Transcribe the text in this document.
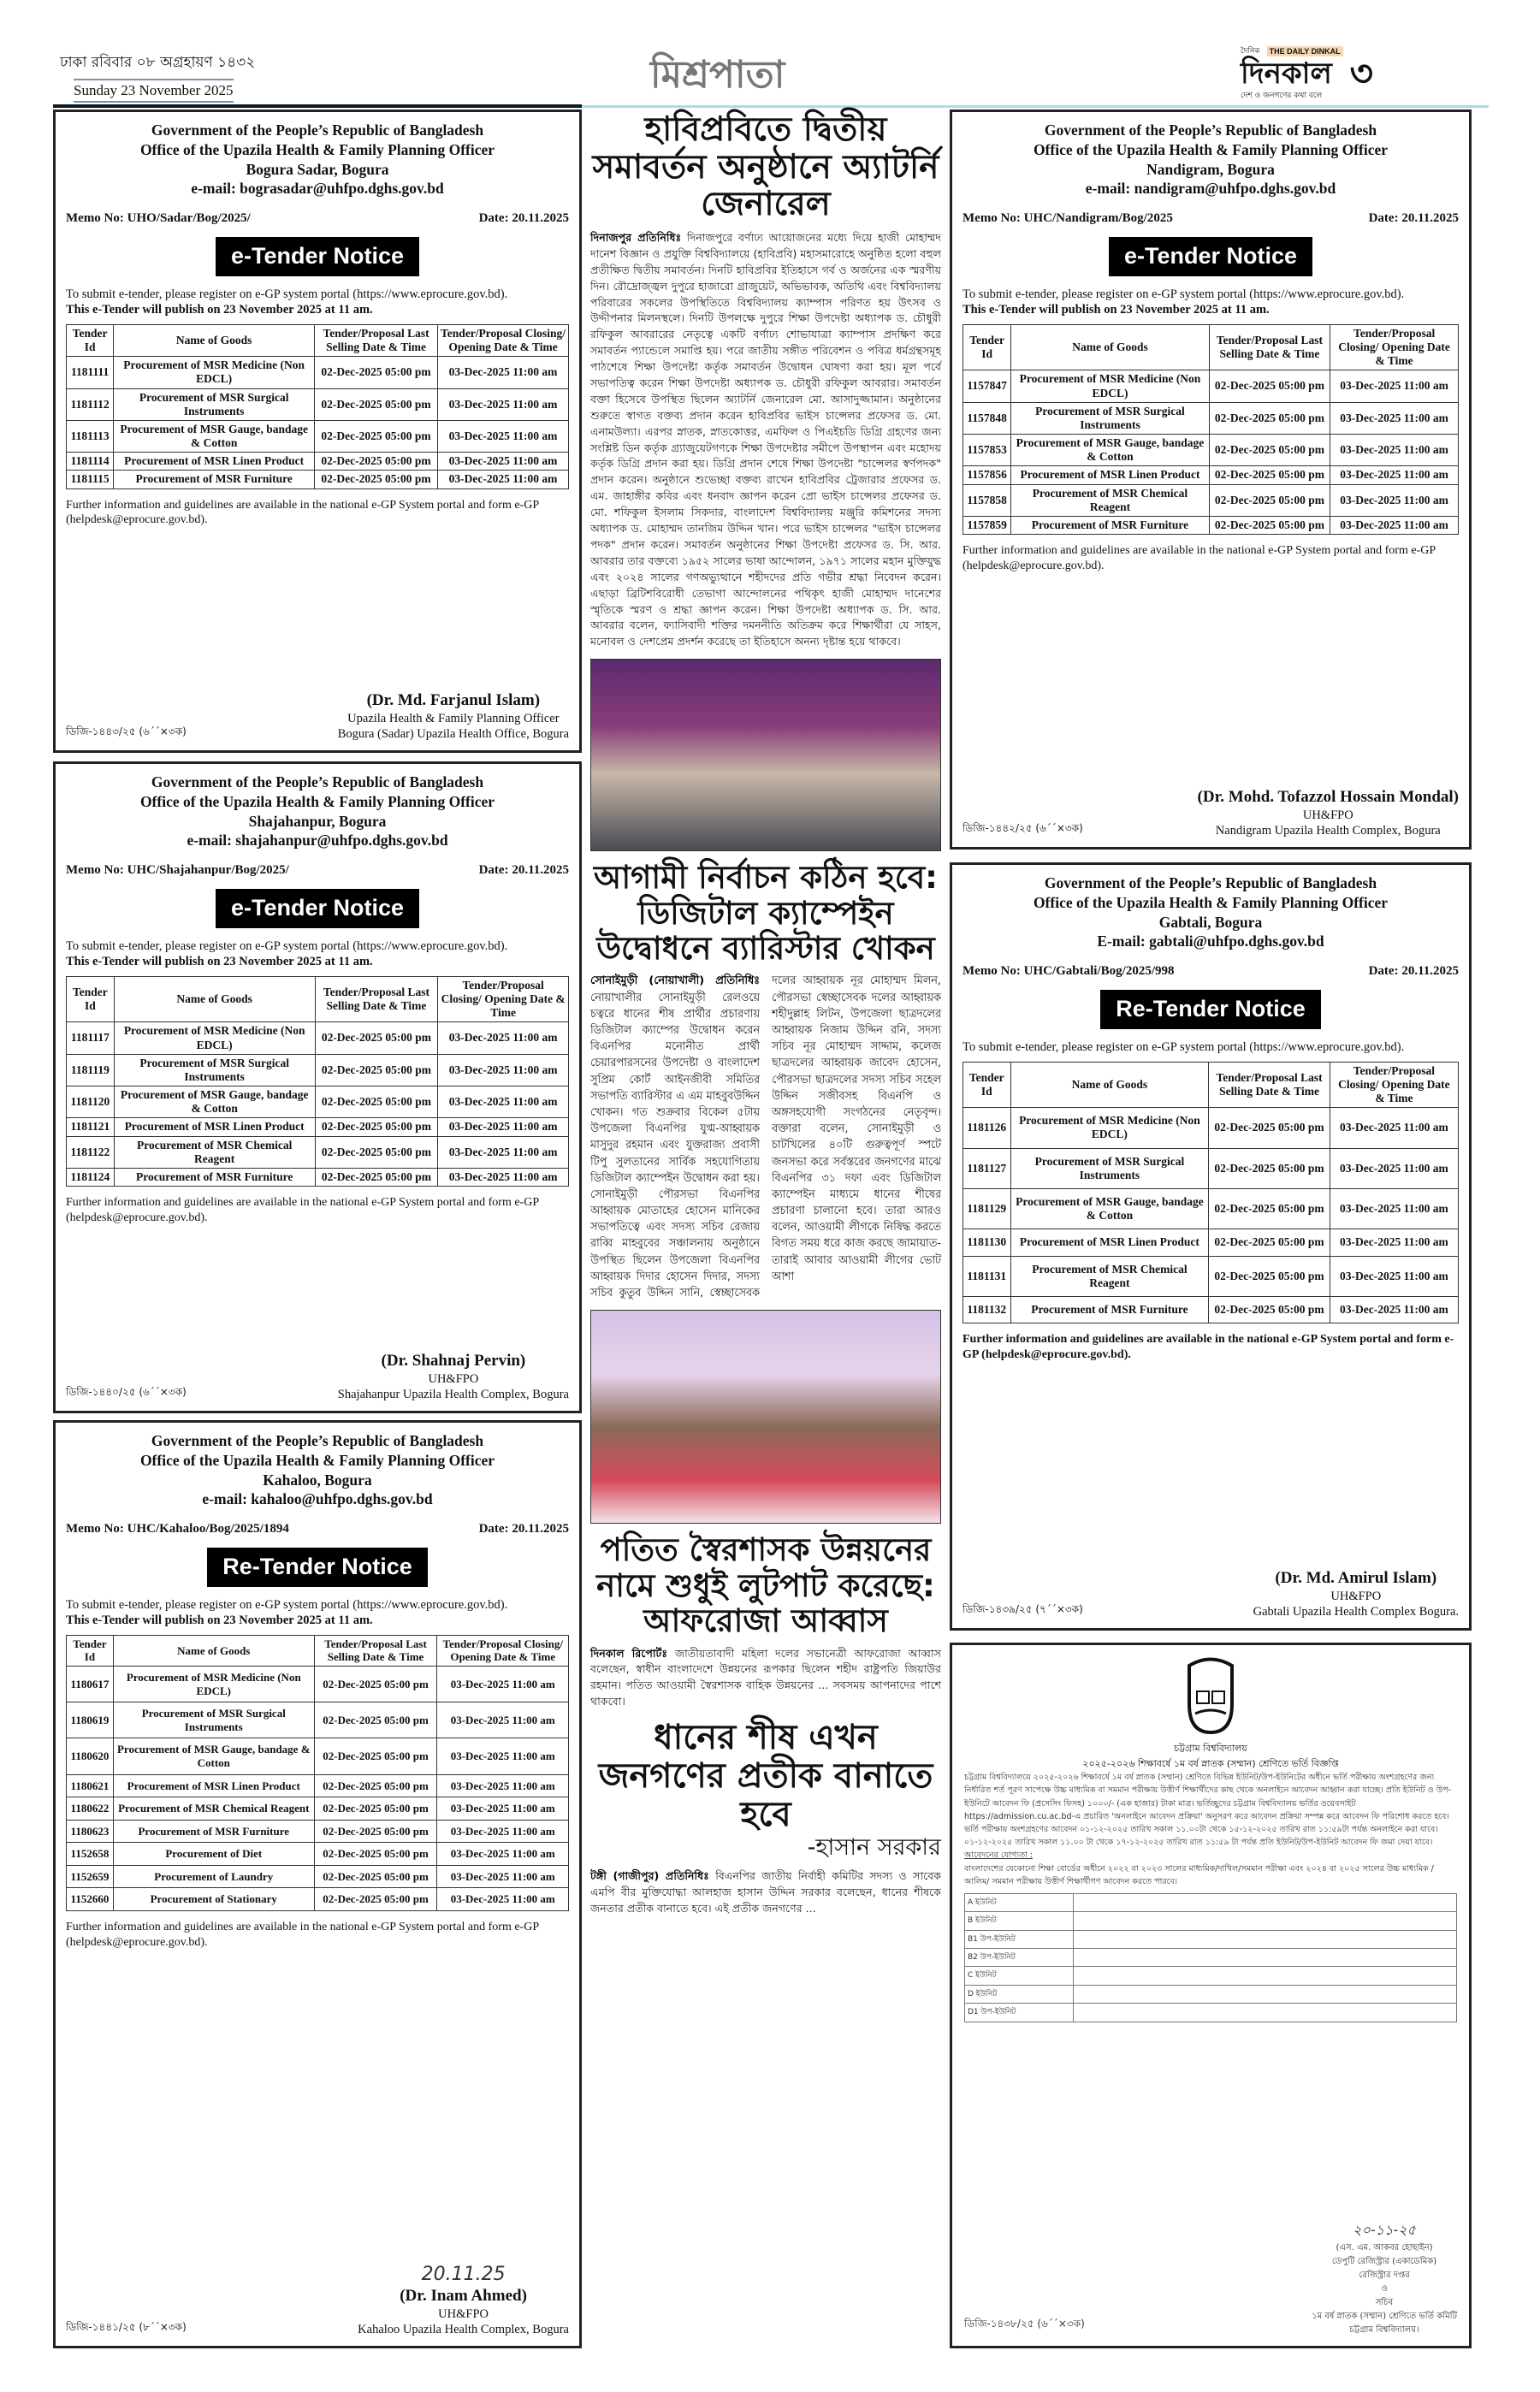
ঢাকা রবিবার ০৮ অগ্রহায়ণ ১৪৩২
Sunday 23 November 2025	মিশ্রপাতা
দৈনিক	THE DAILY DINKAL
দিনকাল
দেশ ও জনগণের কথা বলে
৩
Government of the People’s Republic of Bangladesh
Office of the Upazila Health & Family Planning Officer
Bogura Sadar, Bogura
e-mail: bograsadar@uhfpo.dghs.gov.bd
Memo No: UHO/Sadar/Bog/2025/	Date: 20.11.2025
e-Tender Notice
To submit e-tender, please register on e-GP system portal (https://www.eprocure.gov.bd).
This e-Tender will publish on 23 November 2025 at 11 am.
Tender Id	Name of Goods	Tender/Proposal Last Selling Date & Time	Tender/Proposal Closing/ Opening Date & Time
1181111	Procurement of MSR Medicine (Non EDCL)	02-Dec-2025 05:00 pm	03-Dec-2025 11:00 am
1181112	Procurement of MSR Surgical Instruments	02-Dec-2025 05:00 pm	03-Dec-2025 11:00 am
1181113	Procurement of MSR Gauge, bandage & Cotton	02-Dec-2025 05:00 pm	03-Dec-2025 11:00 am
1181114	Procurement of MSR Linen Product	02-Dec-2025 05:00 pm	03-Dec-2025 11:00 am
1181115	Procurement of MSR Furniture	02-Dec-2025 05:00 pm	03-Dec-2025 11:00 am
Further information and guidelines are available in the national e-GP System portal and form e-GP (helpdesk@eprocure.gov.bd).
ডিজি-১৪৪৩/২৫ (৬´´×৩ক)
(Dr. Md. Farjanul Islam)
Upazila Health & Family Planning Officer
Bogura (Sadar) Upazila Health Office, Bogura
Government of the People’s Republic of Bangladesh
Office of the Upazila Health & Family Planning Officer
Shajahanpur, Bogura
e-mail: shajahanpur@uhfpo.dghs.gov.bd
Memo No: UHC/Shajahanpur/Bog/2025/	Date: 20.11.2025
e-Tender Notice
To submit e-tender, please register on e-GP system portal (https://www.eprocure.gov.bd).
This e-Tender will publish on 23 November 2025 at 11 am.
Tender Id	Name of Goods	Tender/Proposal Last Selling Date & Time	Tender/Proposal Closing/ Opening Date & Time
1181117	Procurement of MSR Medicine (Non EDCL)	02-Dec-2025 05:00 pm	03-Dec-2025 11:00 am
1181119	Procurement of MSR Surgical Instruments	02-Dec-2025 05:00 pm	03-Dec-2025 11:00 am
1181120	Procurement of MSR Gauge, bandage & Cotton	02-Dec-2025 05:00 pm	03-Dec-2025 11:00 am
1181121	Procurement of MSR Linen Product	02-Dec-2025 05:00 pm	03-Dec-2025 11:00 am
1181122	Procurement of MSR Chemical Reagent	02-Dec-2025 05:00 pm	03-Dec-2025 11:00 am
1181124	Procurement of MSR Furniture	02-Dec-2025 05:00 pm	03-Dec-2025 11:00 am
Further information and guidelines are available in the national e-GP System portal and form e-GP (helpdesk@eprocure.gov.bd).
ডিজি-১৪৪০/২৫ (৬´´×৩ক)
(Dr. Shahnaj Pervin)
UH&FPO
Shajahanpur Upazila Health Complex, Bogura
Government of the People’s Republic of Bangladesh
Office of the Upazila Health & Family Planning Officer
Kahaloo, Bogura
e-mail: kahaloo@uhfpo.dghs.gov.bd
Memo No: UHC/Kahaloo/Bog/2025/1894	Date: 20.11.2025
Re-Tender Notice
To submit e-tender, please register on e-GP system portal (https://www.eprocure.gov.bd).
This e-Tender will publish on 23 November 2025 at 11 am.
Tender Id	Name of Goods	Tender/Proposal Last Selling Date & Time	Tender/Proposal Closing/ Opening Date & Time
1180617	Procurement of MSR Medicine (Non EDCL)	02-Dec-2025 05:00 pm	03-Dec-2025 11:00 am
1180619	Procurement of MSR Surgical Instruments	02-Dec-2025 05:00 pm	03-Dec-2025 11:00 am
1180620	Procurement of MSR Gauge, bandage & Cotton	02-Dec-2025 05:00 pm	03-Dec-2025 11:00 am
1180621	Procurement of MSR Linen Product	02-Dec-2025 05:00 pm	03-Dec-2025 11:00 am
1180622	Procurement of MSR Chemical Reagent	02-Dec-2025 05:00 pm	03-Dec-2025 11:00 am
1180623	Procurement of MSR Furniture	02-Dec-2025 05:00 pm	03-Dec-2025 11:00 am
1152658	Procurement of Diet	02-Dec-2025 05:00 pm	03-Dec-2025 11:00 am
1152659	Procurement of Laundry	02-Dec-2025 05:00 pm	03-Dec-2025 11:00 am
1152660	Procurement of Stationary	02-Dec-2025 05:00 pm	03-Dec-2025 11:00 am
Further information and guidelines are available in the national e-GP System portal and form e-GP (helpdesk@eprocure.gov.bd).
ডিজি-১৪৪১/২৫ (৮´´×৩ক)
20.11.25
(Dr. Inam Ahmed)
UH&FPO
Kahaloo Upazila Health Complex, Bogura
Government of the People’s Republic of Bangladesh
Office of the Upazila Health & Family Planning Officer
Nandigram, Bogura
e-mail: nandigram@uhfpo.dghs.gov.bd
Memo No: UHC/Nandigram/Bog/2025	Date: 20.11.2025
e-Tender Notice
To submit e-tender, please register on e-GP system portal (https://www.eprocure.gov.bd).
This e-Tender will publish on 23 November 2025 at 11 am.
Tender Id	Name of Goods	Tender/Proposal Last Selling Date & Time	Tender/Proposal Closing/ Opening Date & Time
1157847	Procurement of MSR Medicine (Non EDCL)	02-Dec-2025 05:00 pm	03-Dec-2025 11:00 am
1157848	Procurement of MSR Surgical Instruments	02-Dec-2025 05:00 pm	03-Dec-2025 11:00 am
1157853	Procurement of MSR Gauge, bandage & Cotton	02-Dec-2025 05:00 pm	03-Dec-2025 11:00 am
1157856	Procurement of MSR Linen Product	02-Dec-2025 05:00 pm	03-Dec-2025 11:00 am
1157858	Procurement of MSR Chemical Reagent	02-Dec-2025 05:00 pm	03-Dec-2025 11:00 am
1157859	Procurement of MSR Furniture	02-Dec-2025 05:00 pm	03-Dec-2025 11:00 am
Further information and guidelines are available in the national e-GP System portal and form e-GP (helpdesk@eprocure.gov.bd).
ডিজি-১৪৪২/২৫ (৬´´×৩ক)
(Dr. Mohd. Tofazzol Hossain Mondal)
UH&FPO
Nandigram Upazila Health Complex, Bogura
Government of the People’s Republic of Bangladesh
Office of the Upazila Health & Family Planning Officer
Gabtali, Bogura
E-mail: gabtali@uhfpo.dghs.gov.bd
Memo No: UHC/Gabtali/Bog/2025/998	Date: 20.11.2025
Re-Tender Notice
To submit e-tender, please register on e-GP system portal (https://www.eprocure.gov.bd).
Tender Id	Name of Goods	Tender/Proposal Last Selling Date & Time	Tender/Proposal Closing/ Opening Date & Time
1181126	Procurement of MSR Medicine (Non EDCL)	02-Dec-2025 05:00 pm	03-Dec-2025 11:00 am
1181127	Procurement of MSR Surgical Instruments	02-Dec-2025 05:00 pm	03-Dec-2025 11:00 am
1181129	Procurement of MSR Gauge, bandage & Cotton	02-Dec-2025 05:00 pm	03-Dec-2025 11:00 am
1181130	Procurement of MSR Linen Product	02-Dec-2025 05:00 pm	03-Dec-2025 11:00 am
1181131	Procurement of MSR Chemical Reagent	02-Dec-2025 05:00 pm	03-Dec-2025 11:00 am
1181132	Procurement of MSR Furniture	02-Dec-2025 05:00 pm	03-Dec-2025 11:00 am
Further information and guidelines are available in the national e-GP System portal and form e-GP (helpdesk@eprocure.gov.bd).
ডিজি-১৪৩৯/২৫ (৭´´×৩ক)
(Dr. Md. Amirul Islam)
UH&FPO
Gabtali Upazila Health Complex Bogura.
হাবিপ্রবিতে দ্বিতীয় সমাবর্তন অনুষ্ঠানে অ্যাটর্নি জেনারেল

দিনাজপুর প্রতিনিধিঃ দিনাজপুরে বর্ণাঢ্য আয়োজনের মধ্যে দিয়ে হাজী মোহাম্মদ দানেশ বিজ্ঞান ও প্রযুক্তি বিশ্ববিদ্যালয়ে (হাবিপ্রবি) মহাসমারোহে অনুষ্ঠিত হলো বহুল প্রতীক্ষিত দ্বিতীয় সমাবর্তন। দিনটি হাবিপ্রবির ইতিহাসে গর্ব ও অর্জনের এক স্মরণীয় দিন। রৌদ্রোজ্জ্বল দুপুরে হাজারো গ্রাজুয়েট, অভিভাবক, অতিথি এবং বিশ্ববিদ্যালয় পরিবারের সকলের উপস্থিতিতে বিশ্ববিদ্যালয় ক্যাম্পাস পরিণত হয় উৎসব ও উদ্দীপনার মিলনস্থলে। দিনটি উপলক্ষে দুপুরে শিক্ষা উপদেষ্টা অধ্যাপক ড. চৌধুরী রফিকুল আবরারের নেতৃত্বে একটি বর্ণাঢ্য শোভাযাত্রা ক্যাম্পাস প্রদক্ষিণ করে সমাবর্তন প্যান্ডেলে সমাপ্তি হয়। পরে জাতীয় সঙ্গীত পরিবেশন ও পবিত্র ধর্মগ্রন্থসমূহ পাঠশেষে শিক্ষা উপদেষ্টা কর্তৃক সমাবর্তন উদ্বোধন ঘোষণা করা হয়। মূল পর্বে সভাপতিত্ব করেন শিক্ষা উপদেষ্টা অধ্যাপক ড. চৌধুরী রফিকুল আবরার। সমাবর্তন বক্তা হিসেবে উপস্থিত ছিলেন অ্যাটর্নি জেনারেল মো. আসাদুজ্জামান। অনুষ্ঠানের শুরুতে স্বাগত বক্তব্য প্রদান করেন হাবিপ্রবির ভাইস চান্সেলর প্রফেসর ড. মো. এনামউল্যা। এরপর স্নাতক, স্নাতকোত্তর, এমফিল ও পিএইচডি ডিগ্রি গ্রহণের জন্য সংশ্লিষ্ট ডিন কর্তৃক গ্র্যাজুয়েটগণকে শিক্ষা উপদেষ্টার সমীপে উপস্থাপন এবং মহোদয় কর্তৃক ডিগ্রি প্রদান করা হয়। ডিগ্রি প্রদান শেষে শিক্ষা উপদেষ্টা "চান্সেলর স্বর্ণপদক" প্রদান করেন। অনুষ্ঠানে শুভেচ্ছা বক্তব্য রাখেন হাবিপ্রবির ট্রেজারার প্রফেসর ড. এম. জাহাঙ্গীর কবির এবং ধনবাদ জ্ঞাপন করেন প্রো ভাইস চান্সেলর প্রফেসর ড. মো. শফিকুল ইসলাম সিকদার, বাংলাদেশ বিশ্ববিদ্যালয় মঞ্জুরি কমিশনের সদস্য অধ্যাপক ড. মোহাম্মদ তানজিম উদ্দিন খান। পরে ভাইস চান্সেলর "ভাইস চান্সেলর পদক" প্রদান করেন। সমাবর্তন অনুষ্ঠানের শিক্ষা উপদেষ্টা প্রফেসর ড. সি. আর. আবরার তার বক্তব্যে ১৯৫২ সালের ভাষা আন্দোলন, ১৯৭১ সালের মহান মুক্তিযুদ্ধ এবং ২০২৪ সালের গণঅভ্যুত্থানে শহীদদের প্রতি গভীর শ্রদ্ধা নিবেদন করেন। এছাড়া ব্রিটিশবিরোধী তেভাগা আন্দোলনের পথিকৃৎ হাজী মোহাম্মদ দানেশের স্মৃতিকে স্মরণ ও শ্রদ্ধা জ্ঞাপন করেন। শিক্ষা উপদেষ্টা অধ্যাপক ড. সি. আর. আবরার বলেন, ফ্যাসিবাদী শক্তির দমননীতি অতিক্রম করে শিক্ষার্থীরা যে সাহস, মনোবল ও দেশপ্রেম প্রদর্শন করেছে তা ইতিহাসে অনন্য দৃষ্টান্ত হয়ে থাকবে।

আগামী নির্বাচন কঠিন হবে: ডিজিটাল ক্যাম্পেইন উদ্বোধনে ব্যারিস্টার খোকন

সোনাইমুড়ী (নোয়াখালী) প্রতিনিধিঃ নোয়াখালীর সোনাইমুড়ী রেলওয়ে চত্বরে ধানের শীষ প্রার্থীর প্রচারণায় ডিজিটাল ক্যাম্পের উদ্বোধন করেন বিএনপির মনোনীত প্রার্থী চেয়ারপারসনের উপদেষ্টা ও বাংলাদেশ সুপ্রিম কোর্ট আইনজীবী সমিতির সভাপতি ব্যারিস্টার এ এম মাহবুবউদ্দিন খোকন। গত শুক্রবার বিকেল ৫টায় উপজেলা বিএনপির যুগ্ম-আহ্বায়ক মাসুদুর রহমান এবং যুক্তরাজ্য প্রবাসী টিপু সুলতানের সার্বিক সহযোগিতায় ডিজিটাল ক্যাম্পেইন উদ্বোধন করা হয়। সোনাইমুড়ী পৌরসভা বিএনপির আহ্বায়ক মোতাহের হোসেন মানিকের সভাপতিত্বে এবং সদস্য সচিব রেজায় রাব্বি মাহবুবের সঞ্চালনায় অনুষ্ঠানে উপস্থিত ছিলেন উপজেলা বিএনপির আহ্বায়ক দিদার হোসেন দিদার, সদস্য সচিব কুতুব উদ্দিন সানি, স্বেচ্ছাসেবক দলের আহ্বায়ক নূর মোহাম্মদ মিলন, পৌরসভা স্বেচ্ছাসেবক দলের আহ্বায়ক শহীদুল্লাহ লিটন, উপজেলা ছাত্রদলের আহ্বায়ক নিজাম উদ্দিন রনি, সদস্য সচিব নূর মোহাম্মদ সাদ্দাম, কলেজ ছাত্রদলের আহ্বায়ক জাবেদ হোসেন, পৌরসভা ছাত্রদলের সদস্য সচিব সহেল উদ্দিন সজীবসহ বিএনপি ও অঙ্গসহযোগী সংগঠনের নেতৃবৃন্দ। বক্তারা বলেন, সোনাইমুড়ী ও চাটখিলের ৪০টি গুরুত্বপূর্ণ স্পটে জনসভা করে সর্বস্তরের জনগণের মাঝে বিএনপির ৩১ দফা এবং ডিজিটাল ক্যাম্পেইন মাধ্যমে ধানের শীষের প্রচারণা চালানো হবে। তারা আরও বলেন, আওয়ামী লীগকে নিষিদ্ধ করতে বিগত সময় ধরে কাজ করছে জামায়াত-তারাই আবার আওয়ামী লীগের ভোট আশা

পতিত স্বৈরশাসক উন্নয়নের নামে শুধুই লুটপাট করেছে: আফরোজা আব্বাস

দিনকাল রিপোর্টঃ জাতীয়তাবাদী মহিলা দলের সভানেত্রী আফরোজা আব্বাস বলেছেন, স্বাধীন বাংলাদেশে উন্নয়নের রূপকার ছিলেন শহীদ রাষ্ট্রপতি জিয়াউর রহমান। পতিত আওয়ামী স্বৈরশাসক বাহিক উন্নয়নের ... সবসময় আপনাদের পাশে থাকবো।

ধানের শীষ এখন জনগণের প্রতীক বানাতে হবে
-হাসান সরকার

টঙ্গী (গাজীপুর) প্রতিনিধিঃ বিএনপির জাতীয় নির্বাহী কমিটির সদস্য ও সাবেক এমপি বীর মুক্তিযোদ্ধা আলহাজ হাসান উদ্দিন সরকার বলেছেন, ধানের শীষকে জনতার প্রতীক বানাতে হবে। এই প্রতীক জনগণের ...

চট্টগ্রাম বিশ্ববিদ্যালয়
২০২৫-২০২৬ শিক্ষাবর্ষে ১ম বর্ষ স্নাতক (সম্মান) শ্রেণিতে ভর্তি বিজ্ঞপ্তি

চট্টগ্রাম বিশ্ববিদ্যালয়ে ২০২৫-২০২৬ শিক্ষাবর্ষে ১ম বর্ষ স্নাতক (সম্মান) শ্রেণিতে বিভিন্ন ইউনিট/উপ-ইউনিটের অধীনে ভর্তি পরীক্ষায় অংশগ্রহণের জন্য নির্ধারিত শর্ত পূরণ সাপেক্ষে উচ্চ মাধ্যমিক বা সমমান পরীক্ষায় উত্তীর্ণ শিক্ষার্থীদের কাছ থেকে অনলাইনে আবেদন আহ্বান করা যাচ্ছে। প্রতি ইউনিট ও উপ-ইউনিটে আবেদন ফি (প্রসেসিং ফিসহ) ১০০০/- (এক হাজার) টাকা মাত্র। ভর্তিচ্ছুদের চট্টগ্রাম বিশ্ববিদ্যালয় ভর্তির ওয়েবসাইট https://admission.cu.ac.bd-এ প্রচারিত 'অনলাইনে আবেদন প্রক্রিয়া' অনুসরণ করে আবেদন প্রক্রিয়া সম্পন্ন করে আবেদন ফি পরিশোধ করতে হবে।

ভর্তি পরীক্ষায় অংশগ্রহণের আবেদন ০১-১২-২০২৫ তারিখ সকাল ১১.০০টা থেকে ১৫-১২-২০২৫ তারিখ রাত ১১:৫৯টা পর্যন্ত অনলাইনে করা যাবে। ০১-১২-২০২৫ তারিখ সকাল ১১.০০ টা থেকে ১৭-১২-২০২৫ তারিখ রাত ১১:৫৯ টা পর্যন্ত প্রতি ইউনিট/উপ-ইউনিট আবেদন ফি জমা দেয়া যাবে।

আবেদনের যোগ্যতা :

বাংলাদেশের যেকোনো শিক্ষা বোর্ডের অধীনে ২০২২ বা ২০২৩ সালের মাধ্যমিক/দাখিল/সমমান পরীক্ষা এবং ২০২৪ বা ২০২৫ সালের উচ্চ মাধ্যমিক / আলিম/ সমমান পরীক্ষায় উত্তীর্ণ শিক্ষার্থীগণ আবেদন করতে পারবে।

A ইউনিট	
B ইউনিট	
B1 উপ-ইউনিট	
B2 উপ-ইউনিট	
C ইউনিট	
D ইউনিট	
D1 উপ-ইউনিট	
ডিজি-১৪৩৮/২৫ (৬´´×৩ক)
২০-১১-২৫
(এস. এম. আকবর হোছাইন)
ডেপুটি রেজিস্ট্রার (একাডেমিক)
রেজিস্ট্রার দপ্তর
ও
সচিব
১ম বর্ষ স্নাতক (সম্মান) শ্রেণিতে ভর্তি কমিটি
চট্টগ্রাম বিশ্ববিদ্যালয়।
